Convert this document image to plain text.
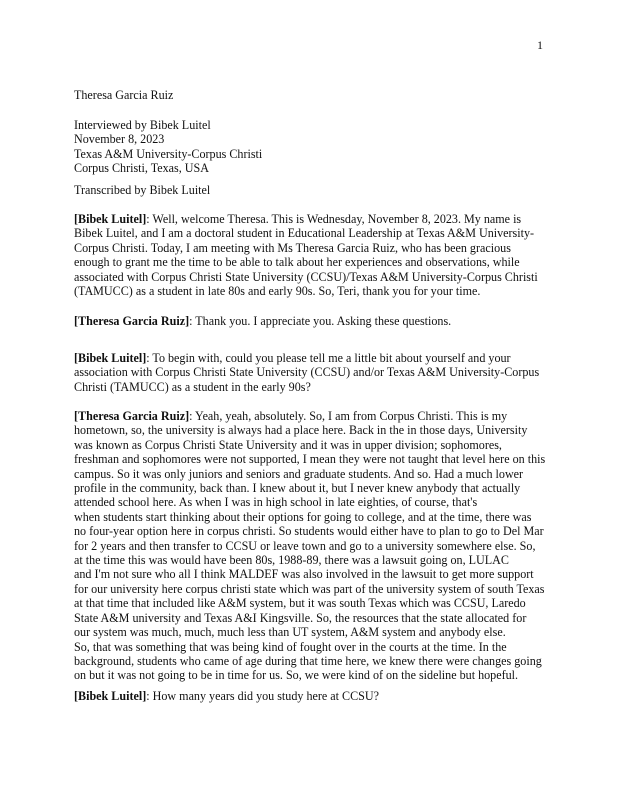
1
Theresa Garcia Ruiz
Interviewed by Bibek Luitel
November 8, 2023
Texas A&M University-Corpus Christi
Corpus Christi, Texas, USA
Transcribed by Bibek Luitel
[Bibek Luitel]: Well, welcome Theresa. This is Wednesday, November 8, 2023. My name is
Bibek Luitel, and I am a doctoral student in Educational Leadership at Texas A&M University-
Corpus Christi. Today, I am meeting with Ms Theresa Garcia Ruiz, who has been gracious
enough to grant me the time to be able to talk about her experiences and observations, while
associated with Corpus Christi State University (CCSU)/Texas A&M University-Corpus Christi
(TAMUCC) as a student in late 80s and early 90s. So, Teri, thank you for your time.
[Theresa Garcia Ruiz]: Thank you. I appreciate you. Asking these questions.
[Bibek Luitel]: To begin with, could you please tell me a little bit about yourself and your
association with Corpus Christi State University (CCSU) and/or Texas A&M University-Corpus
Christi (TAMUCC) as a student in the early 90s?
[Theresa Garcia Ruiz]: Yeah, yeah, absolutely. So, I am from Corpus Christi. This is my
hometown, so, the university is always had a place here. Back in the in those days, University
was known as Corpus Christi State University and it was in upper division; sophomores,
freshman and sophomores were not supported, I mean they were not taught that level here on this
campus. So it was only juniors and seniors and graduate students. And so. Had a much lower
profile in the community, back than. I knew about it, but I never knew anybody that actually
attended school here. As when I was in high school in late eighties, of course, that's
when students start thinking about their options for going to college, and at the time, there was
no four-year option here in corpus christi. So students would either have to plan to go to Del Mar
for 2 years and then transfer to CCSU or leave town and go to a university somewhere else. So,
at the time this was would have been 80s, 1988-89, there was a lawsuit going on, LULAC
and I'm not sure who all I think MALDEF was also involved in the lawsuit to get more support
for our university here corpus christi state which was part of the university system of south Texas
at that time that included like A&M system, but it was south Texas which was CCSU, Laredo
State A&M university and Texas A&I Kingsville. So, the resources that the state allocated for
our system was much, much, much less than UT system, A&M system and anybody else.
So, that was something that was being kind of fought over in the courts at the time. In the
background, students who came of age during that time here, we knew there were changes going
on but it was not going to be in time for us. So, we were kind of on the sideline but hopeful.
[Bibek Luitel]: How many years did you study here at CCSU?
